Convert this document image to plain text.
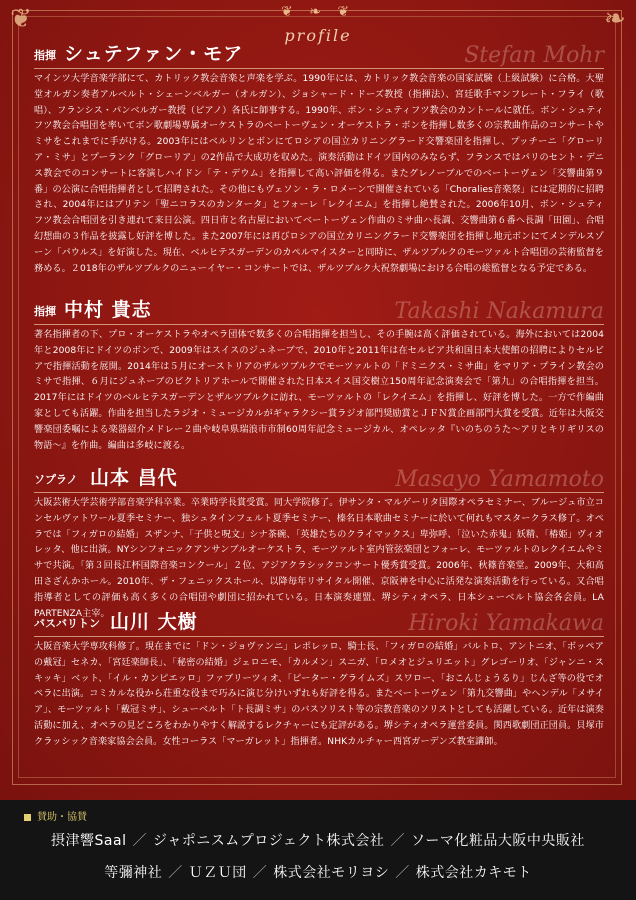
❦	❧
❦ ❧ ❦
profile
指揮 シュテファン・モア	Stefan Mohr
マインツ大学音楽学部にて、カトリック教会音楽と声楽を学ぶ。1990年には、カトリック教会音楽の国家試験（上級試験）に合格。大聖堂オルガン奏者アルベルト・シェーンベルガー（オルガン）、ジョシャード・ドーズ教授（指揮法）、宮廷歌手マンフレート・フライ（歌唱）、フランシス・パンベルガー教授（ピアノ）各氏に師事する。1990年、ボン・シュティフツ教会のカントールに就任。ボン・シュティフツ教会合唱団を率いてボン歌劇場専属オーケストラのベートーヴェン・オーケストラ・ボンを指揮し数多くの宗教曲作品のコンサートやミサをこれまでに手がける。2003年にはベルリンとボンにてロシアの国立カリニングラード交響楽団を指揮し、プッチーニ「グローリア・ミサ」とプーランク「グローリア」の2作品で大成功を収めた。演奏活動はドイツ国内のみならず、フランスではパリのセント・デニス教会でのコンサートに客演しハイドン「テ・デウム」を指揮して高い評価を得る。またグレノーブルでのベートーヴェン「交響曲第９番」の公演に合唱指揮者として招聘された。その他にもヴェソン・ラ・ロメーンで開催されている「Choralies音楽祭」には定期的に招聘され、2004年にはブリテン「聖ニコラスのカンタータ」とフォーレ「レクイエム」を指揮し絶賛された。2006年10月、ボン・シュティフツ教会合唱団を引き連れて来日公演。四日市と名古屋においてベートーヴェン作曲のミサ曲ハ長調、交響曲第６番ヘ長調「田園」、合唱幻想曲の３作品を披露し好評を博した。また2007年には再びロシアの国立カリニングラード交響楽団を指揮し地元ボンにてメンデルスゾーン「パウルス」を好演した。現在、ベルヒテスガーデンのカペルマイスターと同時に、ザルツブルクのモーツァルト合唱団の芸術監督を務める。２018年のザルツブルクのニューイヤー・コンサートでは、ザルツブルク大祝祭劇場における合唱の総監督となる予定である。
指揮 中村 貴志	Takashi Nakamura
著名指揮者の下、プロ・オーケストラやオペラ団体で数多くの合唱指揮を担当し、その手腕は高く評価されている。海外においては2004年と2008年にドイツのボンで、2009年はスイスのジュネーブで、2010年と2011年は在セルビア共和国日本大使館の招聘によりセルビアで指揮活動を展開。2014年は５月にオーストリアのザルツブルクでモーツァルトの「ドミニクス・ミサ曲」をマリア・プライン教会のミサで指揮、６月にジュネーブのビクトリアホールで開催された日本スイス国交樹立150周年記念演奏会で「第九」の合唱指揮を担当。2017年にはドイツのベルヒテスガーデンとザルツブルクに訪れ、モーツァルトの「レクイエム」を指揮し、好評を博した。一方で作編曲家としても活躍。作曲を担当したラジオ・ミュージカルがギャラクシー賞ラジオ部門奨励賞とＪＦＮ賞企画部門大賞を受賞。近年は大阪交響楽団委嘱による楽器紹介メドレー２曲や岐阜県瑞浪市市制60周年記念ミュージカル、オペレッタ『いのちのうた～アリとキリギリスの物語～』を作曲。編曲は多岐に渡る。
ソプラノ 山本 昌代	Masayo Yamamoto
大阪芸術大学芸術学部音楽学科卒業。卒業時学長賞受賞。同大学院修了。伊サンタ・マルゲーリタ国際オペラセミナー、ブルージュ市立コンセルヴァトワール夏季セミナー、独シュタインフェルト夏季セミナー、榛名日本歌曲セミナーに於いて何れもマスタークラス修了。オペラでは「フィガロの結婚」スザンナ、「子供と呪文」シナ茶碗、「英雄たちのクライマックス」卑弥呼、「泣いた赤鬼」妖精、「椿姫」ヴィオレッタ、他に出演。NYシンフォニックアンサンブルオーケストラ、モーツァルト室内管弦楽団とフォーレ、モーツァルトのレクイエムやミサで共演。「第３回長江杯国際音楽コンクール」２位、アジアクラシックコンサート優秀賞受賞。2006年、秋篠音楽堂。2009年、大和高田さざんかホール。2010年、ザ・フェニックスホール、以降毎年リサイタル開催、京阪神を中心に活発な演奏活動を行っている。又合唱指導者としての評価も高く多くの合唱団や劇団に招かれている。日本演奏連盟、堺シティオペラ、日本シューベルト協会各会員。LA　PARTENZA主宰。
バスバリトン 山川 大樹	Hiroki Yamakawa
大阪音楽大学専攻科修了。現在までに「ドン・ジョヴァンニ」レポレッロ、騎士長、「フィガロの結婚」バルトロ、アントニオ、「ボッペアの戴冠」セネカ、「宮廷楽師長」、「秘密の結婚」ジェロニモ、「カルメン」スニガ、「ロメオとジュリエット」グレゴーリオ、「ジャンニ・スキッキ」ベット、「イル・カンピエッロ」ファブリーツィオ、「ピーター・グライムズ」スワロー、「おこんじょうるり」じんざ等の役でオペラに出演。コミカルな役から荘重な役まで巧みに演じ分けいずれも好評を得る。またベートーヴェン「第九交響曲」やヘンデル「メサイア」、モーツァルト「戴冠ミサ」、シューベルト「ト長調ミサ」のバスソリスト等の宗教音楽のソリストとしても活躍している。近年は演奏活動に加え、オペラの見どころをわかりやすく解説するレクチャーにも定評がある。堺シティオペラ運営委員。関西歌劇団正団員。貝塚市クラッシック音楽家協会会員。女性コーラス「マーガレット」指揮者。NHKカルチャー西宮ガーデンズ教室講師。
賛助・協賛
摂津響Saal ／ ジャポニスムプロジェクト株式会社 ／ ソーマ化粧品大阪中央販社
等彌神社 ／ ＵＺＵ団 ／ 株式会社モリヨシ ／ 株式会社カキモト
